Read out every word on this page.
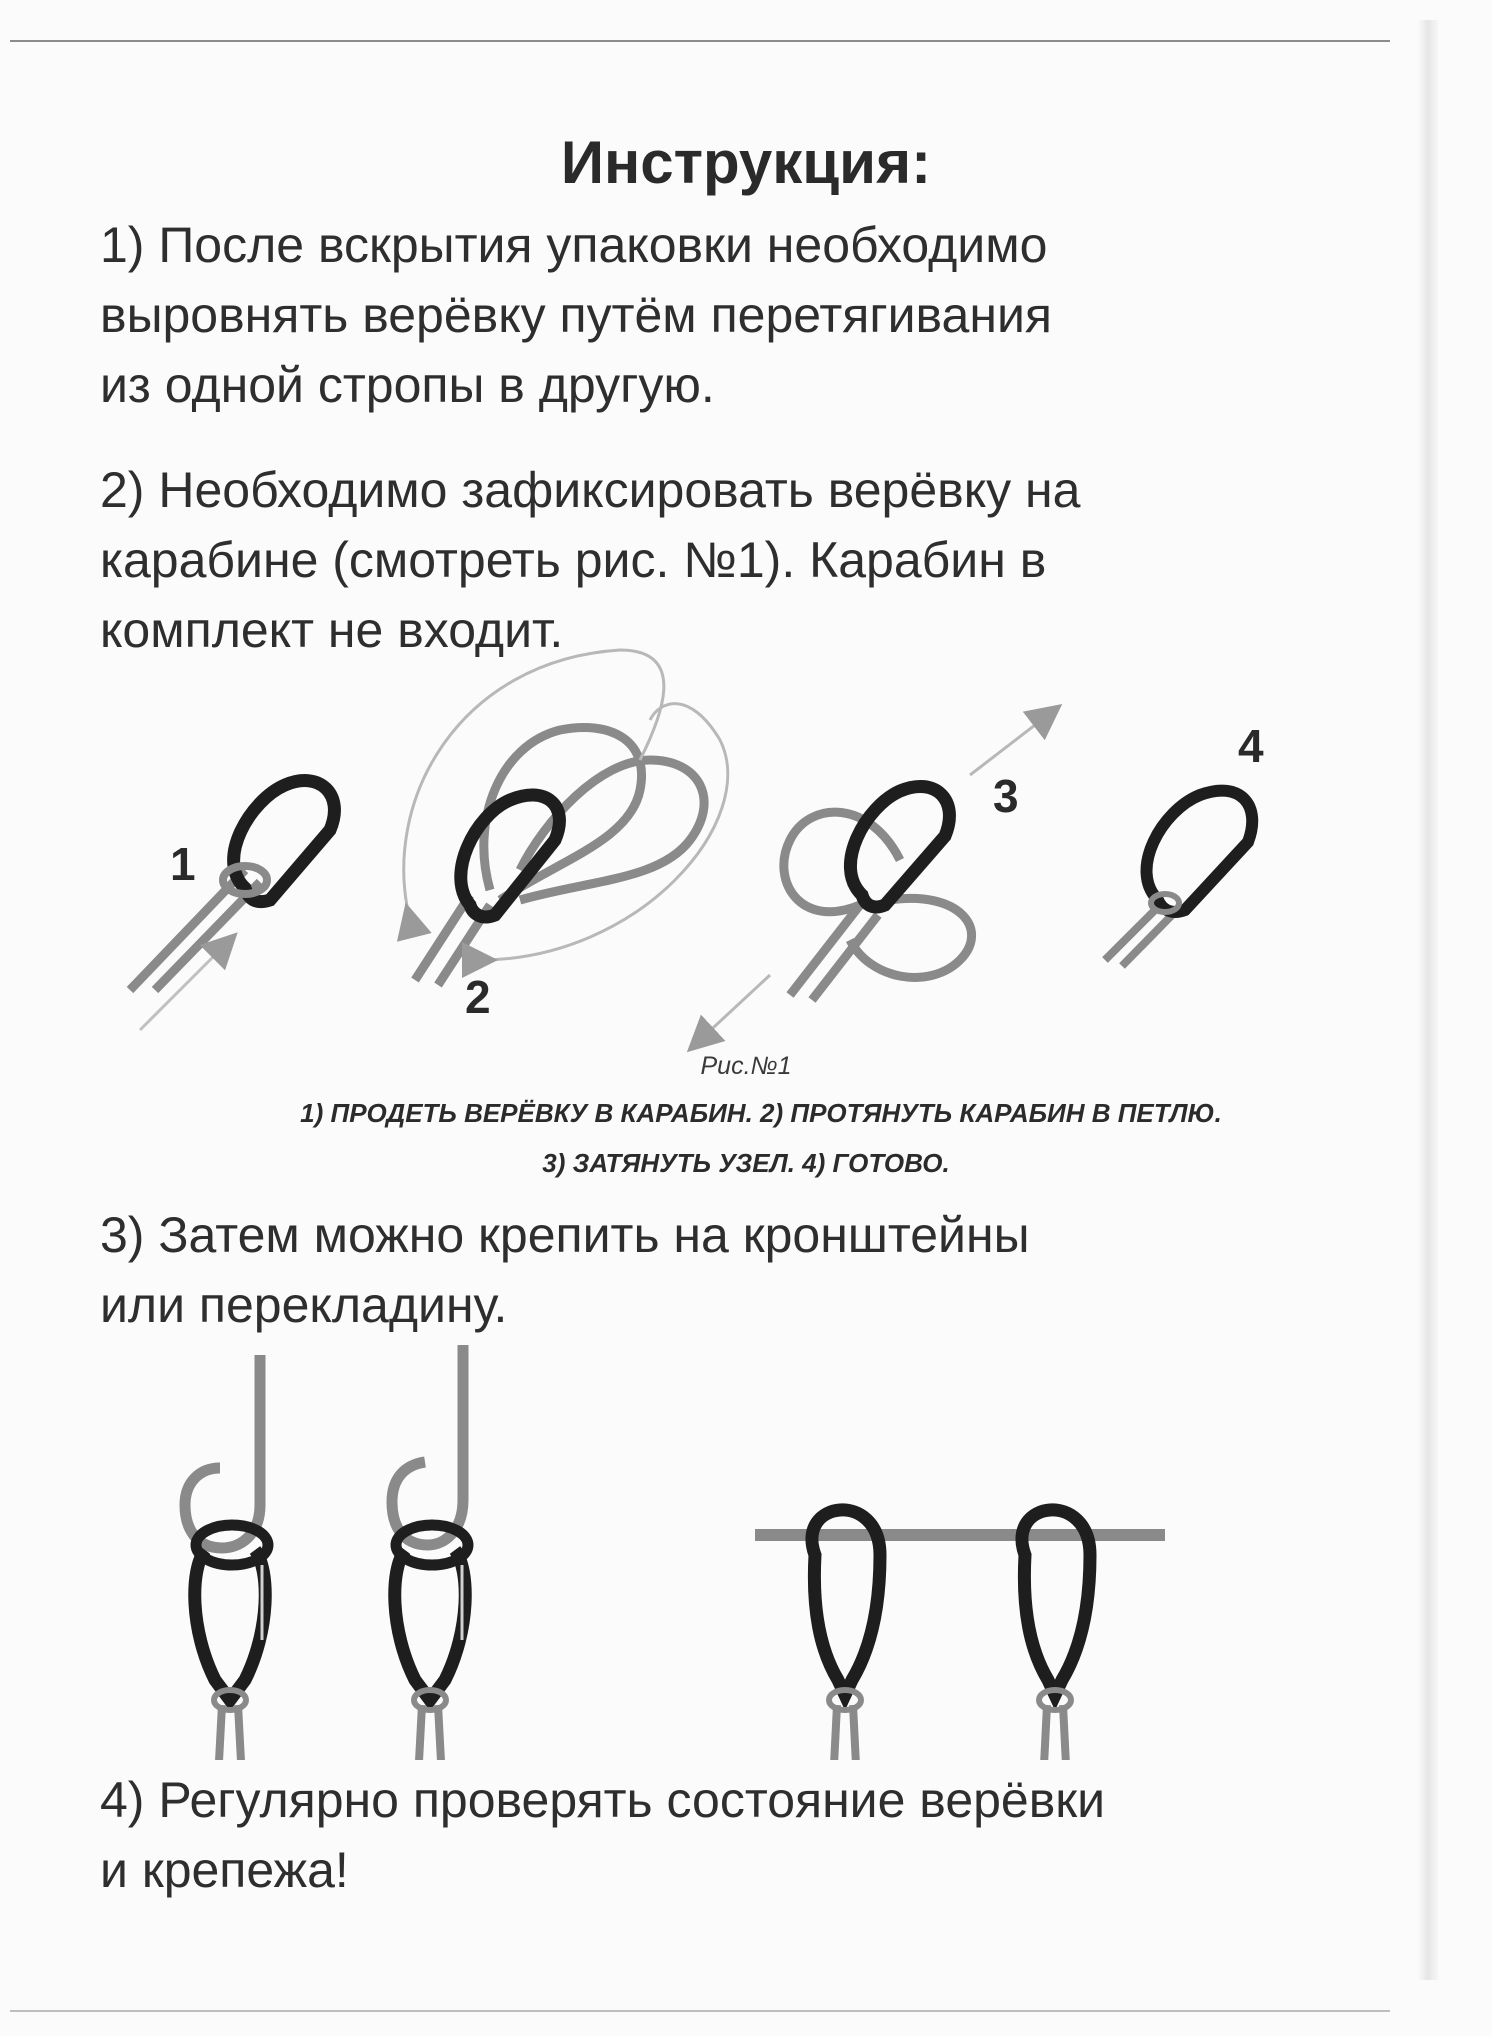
Инструкция:
1) После вскрытия упаковки необходимо
выровнять верёвку путём перетягивания
из одной стропы в другую.
2) Необходимо зафиксировать верёвку на
карабине (смотреть рис. №1). Карабин в
комплект не входит.
1
2
3
4
Рис.№1
1) ПРОДЕТЬ ВЕРЁВКУ В КАРАБИН. 2) ПРОТЯНУТЬ КАРАБИН В ПЕТЛЮ.
3) ЗАТЯНУТЬ УЗЕЛ. 4) ГОТОВО.
3) Затем можно крепить на кронштейны
или перекладину.
4) Регулярно проверять состояние верёвки
и крепежа!
